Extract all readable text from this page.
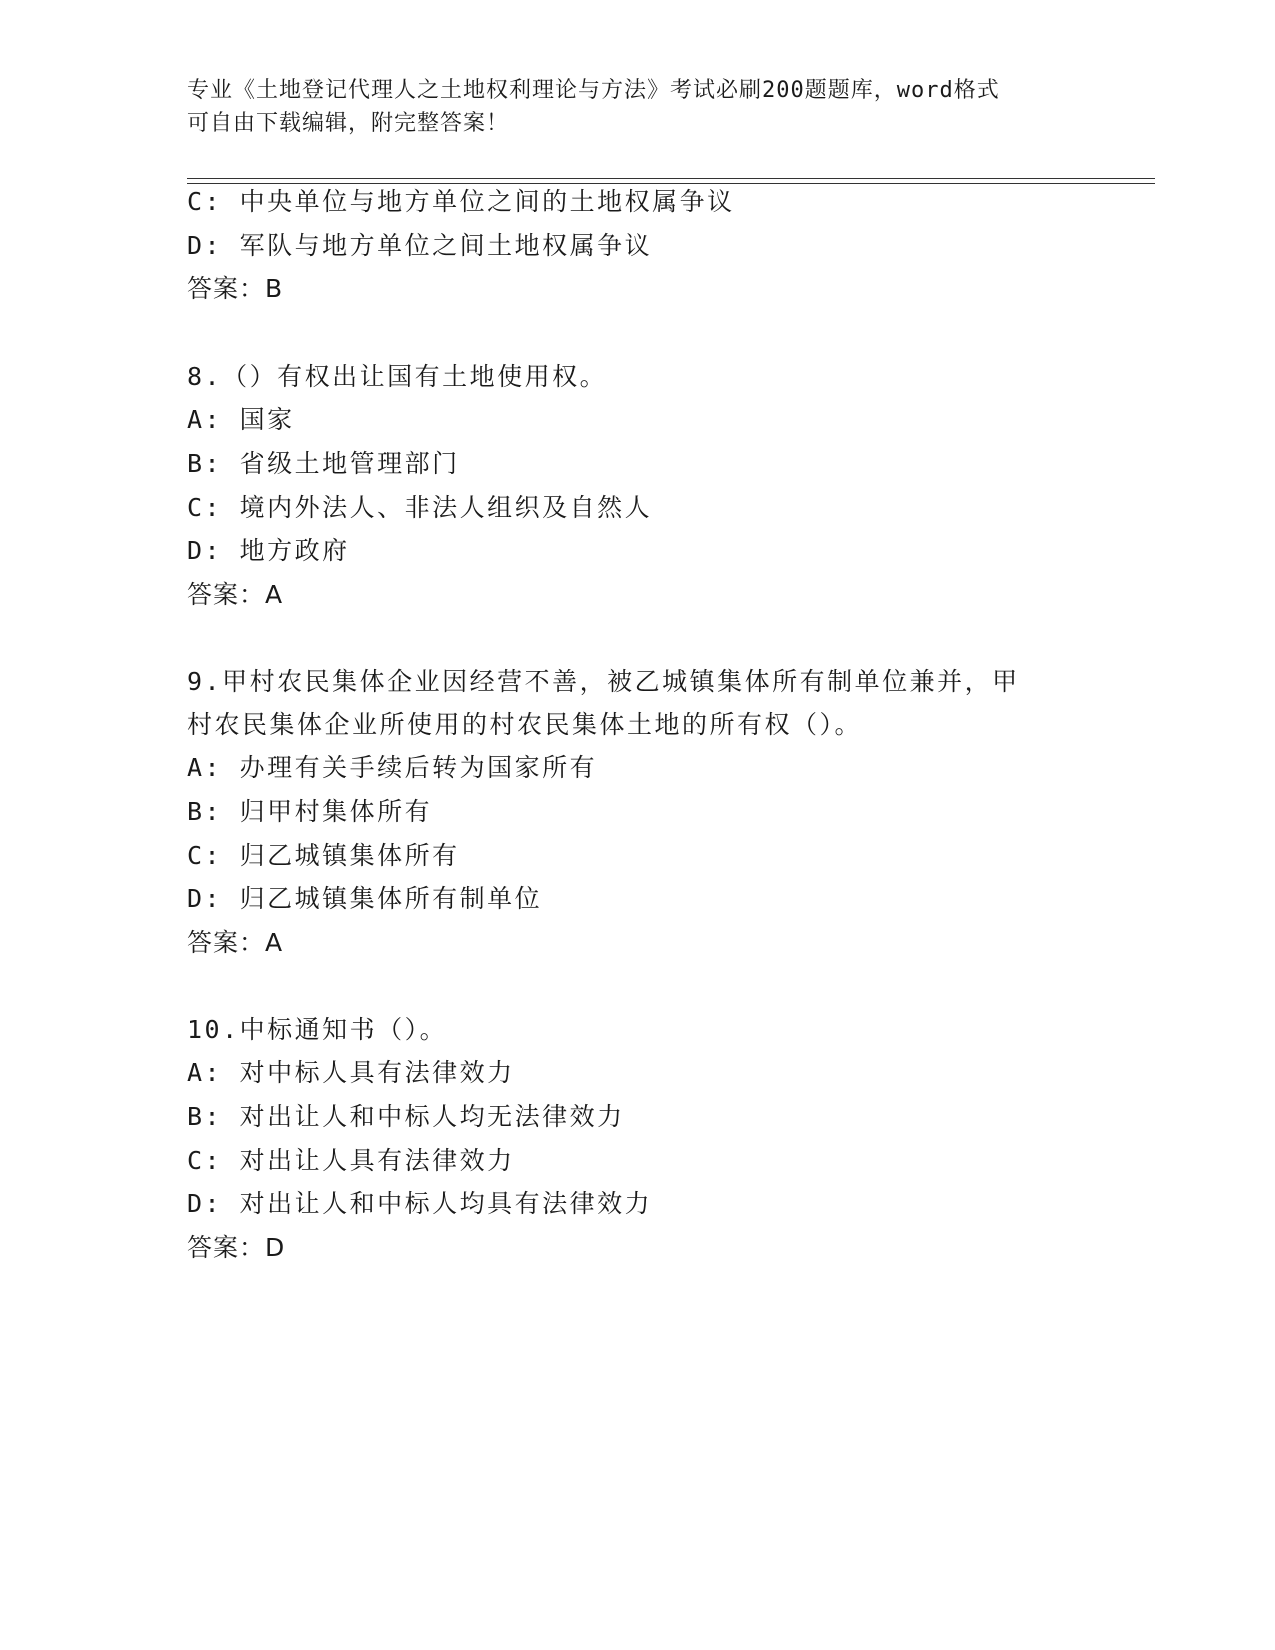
专业《土地登记代理人之土地权利理论与方法》考试必刷200题题库，word格式
可自由下载编辑，附完整答案！
C: 中央单位与地方单位之间的土地权属争议
D: 军队与地方单位之间土地权属争议
答案：B
8.（）有权出让国有土地使用权。
A: 国家
B: 省级土地管理部门
C: 境内外法人、非法人组织及自然人
D: 地方政府
答案：A
9.甲村农民集体企业因经营不善，被乙城镇集体所有制单位兼并，甲
村农民集体企业所使用的村农民集体土地的所有权（）。
A: 办理有关手续后转为国家所有
B: 归甲村集体所有
C: 归乙城镇集体所有
D: 归乙城镇集体所有制单位
答案：A
10.中标通知书（）。
A: 对中标人具有法律效力
B: 对出让人和中标人均无法律效力
C: 对出让人具有法律效力
D: 对出让人和中标人均具有法律效力
答案：D
